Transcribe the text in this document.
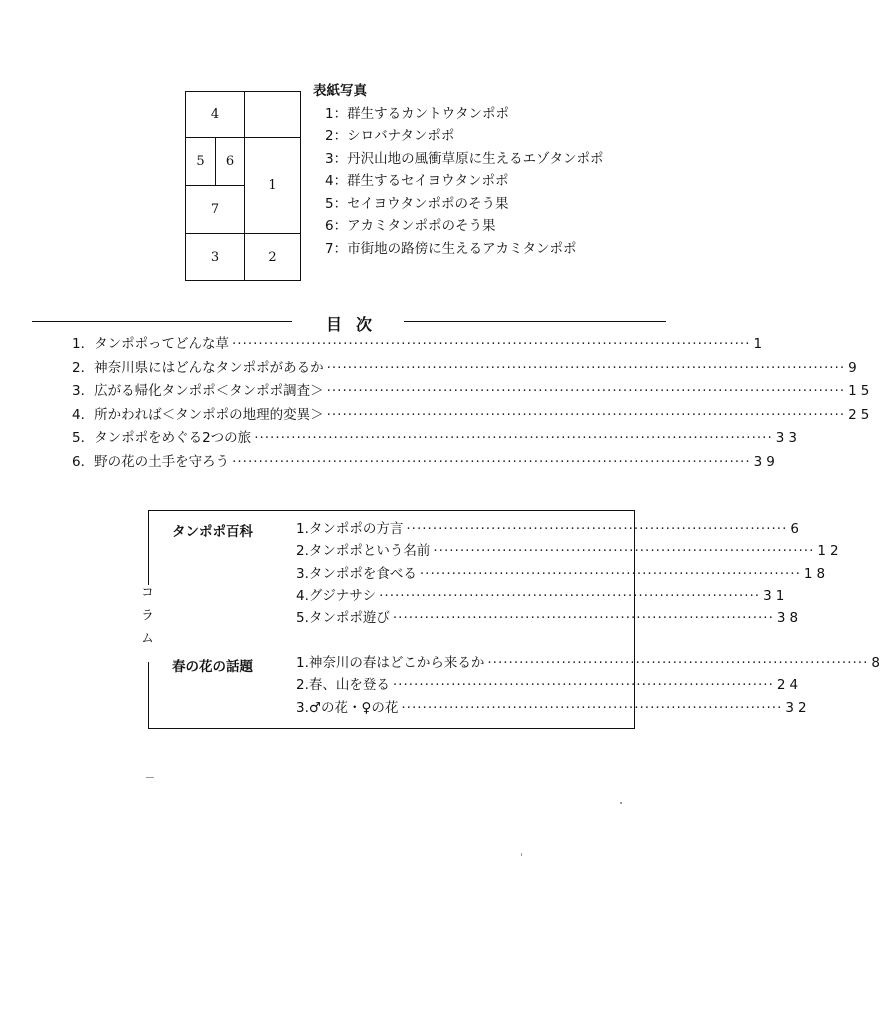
4
5	6
7
1
3	2
表紙写真
1：群生するカントウタンポポ
2：シロバナタンポポ
3：丹沢山地の風衝草原に生えるエゾタンポポ
4：群生するセイヨウタンポポ
5：セイヨウタンポポのそう果
6：アカミタンポポのそう果
7：市街地の路傍に生えるアカミタンポポ
目次
1． タンポポってどんな草 ·································································································· 1
2． 神奈川県にはどんなタンポポがあるか ·································································································· 9
3． 広がる帰化タンポポ＜タンポポ調査＞ ·································································································· 15
4． 所かわれば＜タンポポの地理的変異＞ ·································································································· 25
5． タンポポをめぐる2つの旅 ·································································································· 33
6． 野の花の土手を守ろう ·································································································· 39
コラム
タンポポ百科	1. タンポポの方言 ········································································ 6
2. タンポポという名前 ········································································ 12
3. タンポポを食べる ········································································ 18
4. グジナサシ ········································································ 31
5. タンポポ遊び ········································································ 38
春の花の話題	1. 神奈川の春はどこから来るか ········································································ 8
2. 春、山を登る ········································································ 24
3. ♂の花・♀の花 ········································································ 32
